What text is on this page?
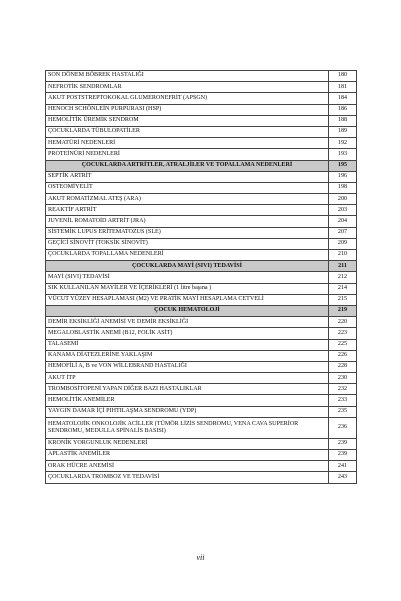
SON DÖNEM BÖBREK HASTALIĞI	180
NEFROTİK SENDROMLAR	181
AKUT POSTSTREPTOKOKAL GLUMERONEFRİT (APSGN)	184
HENOCH SCHÖNLEİN PURPURASI (HSP)	186
HEMOLİTİK ÜREMİK SENDROM	188
ÇOCUKLARDA TÜBULOPATİLER	189
HEMATÜRİ NEDENLERİ	192
PROTEİNÜRİ NEDENLERİ	193
ÇOCUKLARDA ARTRİTLER, ATRALJİLER VE TOPALLAMA NEDENLERİ	195
SEPTİK ARTRİT	196
OSTEOMİYELİT	198
AKUT ROMATİZMAL ATEŞ (ARA)	200
REAKTİF ARTRİT	203
JUVENİL ROMATOİD ARTRİT (JRA)	204
SİSTEMİK LUPUS ERİTEMATOZUS (SLE)	207
GEÇİCİ SİNOVİT (TOKSİK SİNOVİT)	209
ÇOCUKLARDA TOPALLAMA NEDENLERİ	210
ÇOCUKLARDA MAYİ (SIVI) TEDAVİSİ	211
MAYİ (SIVI) TEDAVİSİ	212
SIK KULLANILAN MAYİLER VE İÇERİKLERİ (1 litre başına )	214
VÜCUT YÜZEY HESAPLAMASI (M2) VE PRATİK MAYİ HESAPLAMA CETVELİ	215
ÇOCUK HEMATOLOJİ	219
DEMİR EKSİKLİĞİ ANEMİSİ VE DEMİR EKSİKLİĞİ	220
MEGALOBLASTİK ANEMİ (B12, FOLİK ASİT)	223
TALASEMİ	225
KANAMA DİATEZLERİNE YAKLAŞIM	226
HEMOFİLİ A, B ve VON WİLLEBRAND HASTALIĞI	228
AKUT İTP	230
TROMBOSİTOPENİ YAPAN DİĞER BAZI HASTALIKLAR	232
HEMOLİTİK ANEMİLER	233
YAYGIN DAMAR İÇİ PIHTILAŞMA SENDROMU (YDP)	235
HEMATOLOJİK ONKOLOJİK ACİLLER (TÜMÖR LİZİS SENDROMU, VENA CAVA SUPERİOR SENDROMU, MEDULLA SPİNALİS BASISI)	236
KRONİK YORGUNLUK NEDENLERİ	239
APLASTİK ANEMİLER	239
ORAK HÜCRE ANEMİSİ	241
ÇOCUKLARDA TROMBOZ VE TEDAVİSİ	243
vii
